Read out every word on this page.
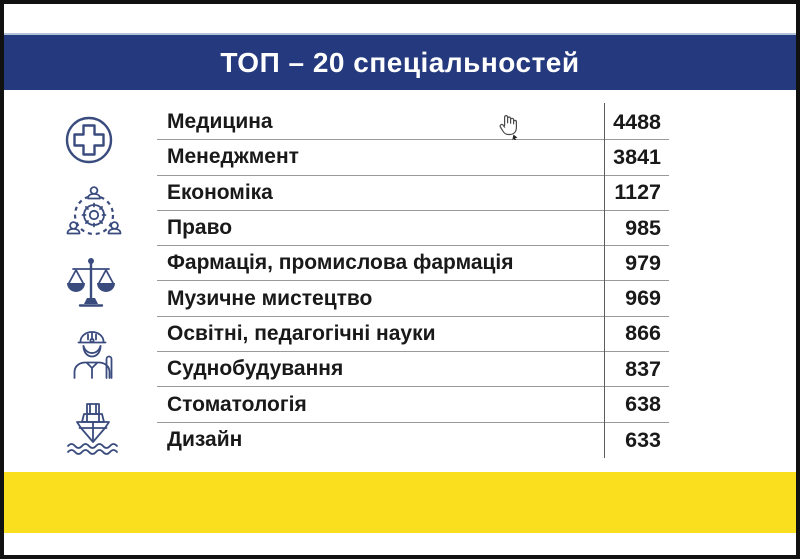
ТОП – 20 спеціальностей
Медицина	4488
Менеджмент	3841
Економіка	1127
Право	985
Фармація, промислова фармація	979
Музичне мистецтво	969
Освітні, педагогічні науки	866
Суднобудування	837
Стоматологія	638
Дизайн	633
